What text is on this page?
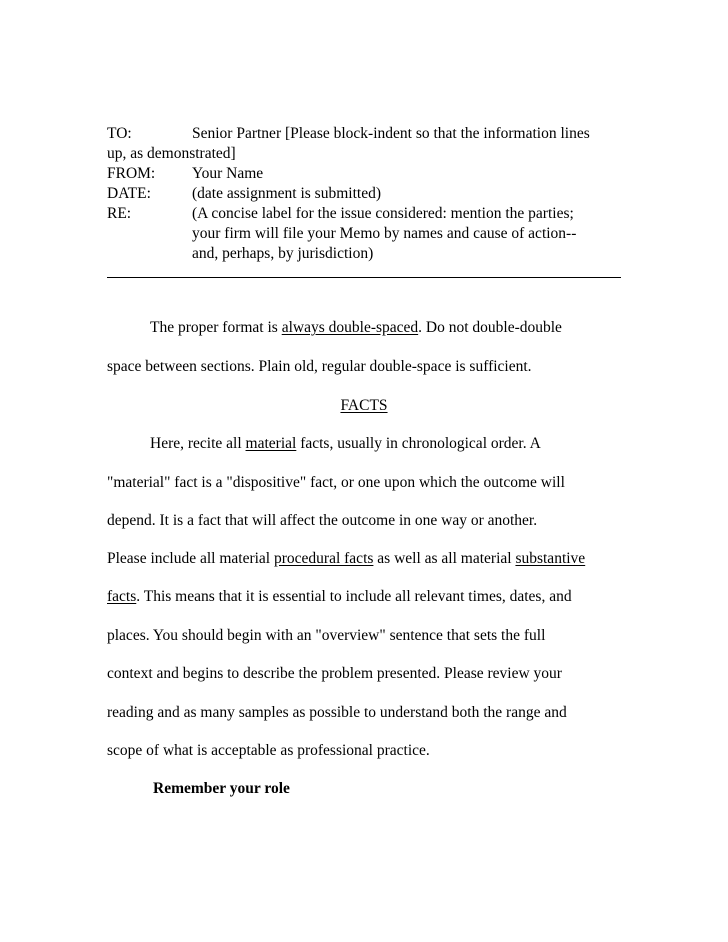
TO:	Senior Partner [Please block-indent so that the information lines
up, as demonstrated]
FROM: Your Name
DATE:	(date assignment is submitted)
RE:	(A concise label for the issue considered: mention the parties;
your firm will file your Memo by names and cause of action--
and, perhaps, by jurisdiction)
The proper format is always double-spaced. Do not double-double
space between sections. Plain old, regular double-space is sufficient.
FACTS
Here, recite all material facts, usually in chronological order. A
"material" fact is a "dispositive" fact, or one upon which the outcome will
depend. It is a fact that will affect the outcome in one way or another.
Please include all material procedural facts as well as all material substantive
facts. This means that it is essential to include all relevant times, dates, and
places. You should begin with an "overview" sentence that sets the full
context and begins to describe the problem presented. Please review your
reading and as many samples as possible to understand both the range and
scope of what is acceptable as professional practice.
Remember your role
